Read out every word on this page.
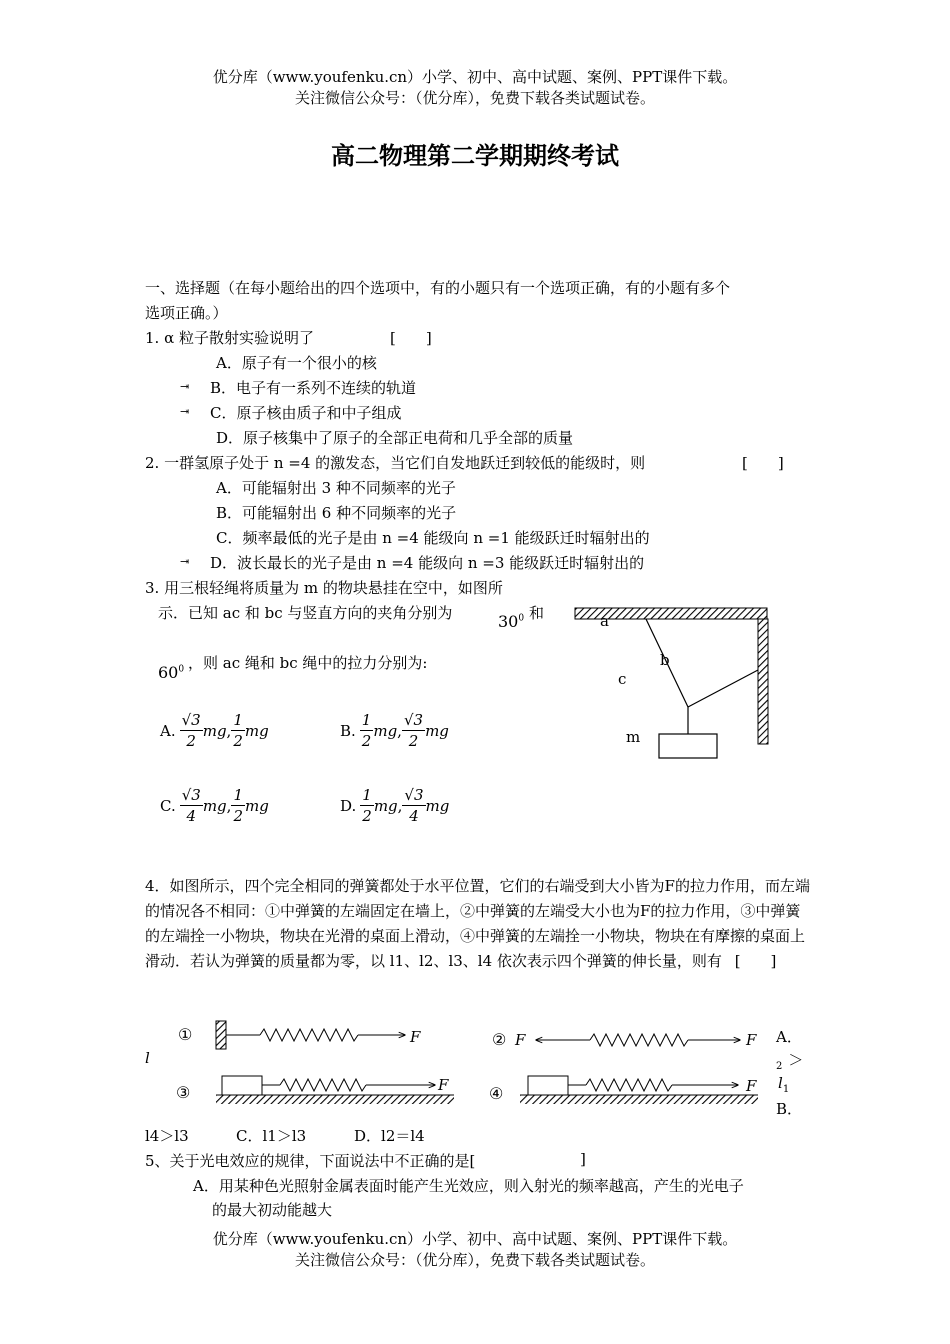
优分库（www.youfenku.cn）小学、初中、高中试题、案例、PPT课件下载。
关注微信公众号：（优分库），免费下载各类试题试卷。
高二物理第二学期期终考试
一、选择题（在每小题给出的四个选项中，有的小题只有一个选项正确，有的小题有多个
选项正确。）
1. α 粒子散射实验说明了	[　　]
A．原子有一个很小的核
⇥ B．电子有一系列不连续的轨道
⇥ C．原子核由质子和中子组成
D．原子核集中了原子的全部正电荷和几乎全部的质量
2. 一群氢原子处于 n =4 的激发态，当它们自发地跃迁到较低的能级时，则	[　　]
A．可能辐射出 3 种不同频率的光子
B．可能辐射出 6 种不同频率的光子
C．频率最低的光子是由 n =4 能级向 n =1 能级跃迁时辐射出的
⇥ D．波长最长的光子是由 n =4 能级向 n =3 能级跃迁时辐射出的
3. 用三根轻绳将质量为 m 的物块悬挂在空中，如图所
示．已知 ac 和 bc 与竖直方向的夹角分别为	$30^0$ 和
$60^0$ ，则 ac 绳和 bc 绳中的拉力分别为:
A. $\frac{√3}{2}$ mg , $\frac{1}{2}$ mg	B. $\frac{1}{2}$ mg , $\frac{√3}{2}$ mg
C. $\frac{√3}{4}$ mg , $\frac{1}{2}$ mg	D. $\frac{1}{2}$ mg , $\frac{√3}{4}$ mg
a
b
c
m
4．如图所示，四个完全相同的弹簧都处于水平位置，它们的右端受到大小皆为F的拉力作用，而左端的情况各不相同：①中弹簧的左端固定在墙上，②中弹簧的左端受大小也为F的拉力作用，③中弹簧的左端拴一小物块，物块在光滑的桌面上滑动，④中弹簧的左端拴一小物块，物块在有摩擦的桌面上滑动．若认为弹簧的质量都为零，以 l1、l2、l3、l4 依次表示四个弹簧的伸长量，则有 [　　]
①	F	② F	F
③	F	④	F
A．
l	$_2$ ＞
$l_1$
B．
l4＞l3	C．l1＞l3	D．l2＝l4
5、关于光电效应的规律，下面说法中不正确的是[	]
A．用某种色光照射金属表面时能产生光效应，则入射光的频率越高，产生的光电子
的最大初动能越大
优分库（www.youfenku.cn）小学、初中、高中试题、案例、PPT课件下载。
关注微信公众号：（优分库），免费下载各类试题试卷。
